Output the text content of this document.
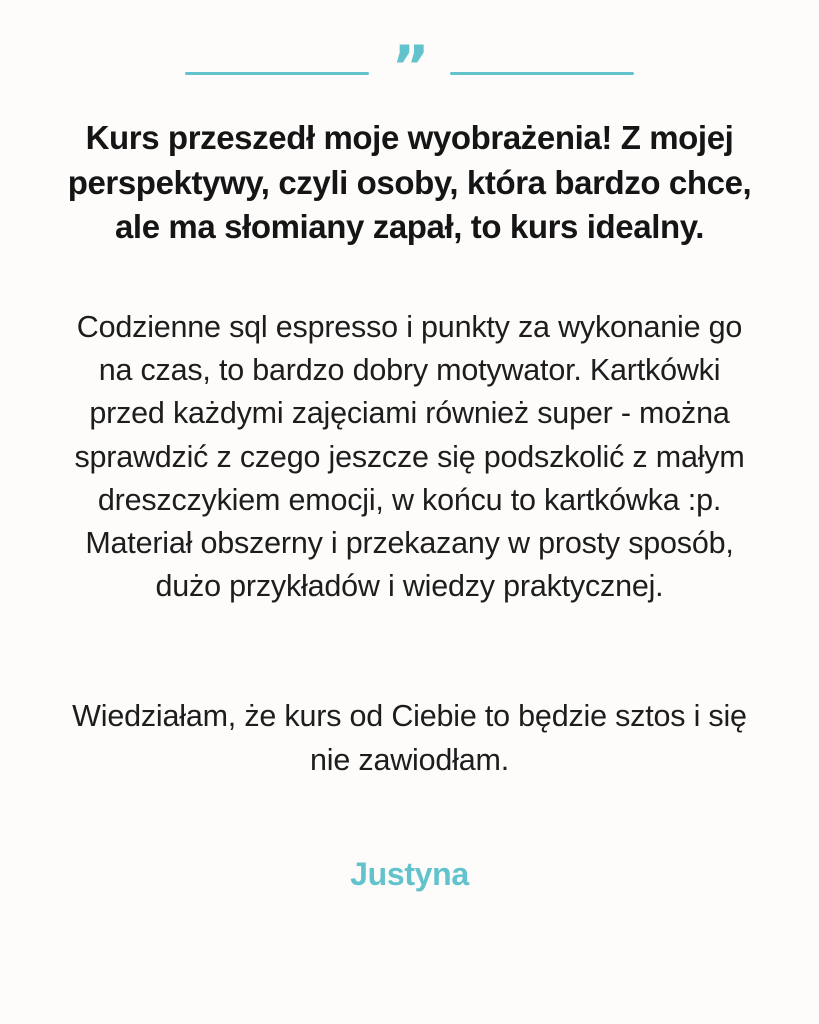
”
Kurs przeszedł moje wyobrażenia! Z mojej perspektywy, czyli osoby, która bardzo chce, ale ma słomiany zapał, to kurs idealny.

Codzienne sql espresso i punkty za wykonanie go na czas, to bardzo dobry motywator. Kartkówki przed każdymi zajęciami również super - można sprawdzić z czego jeszcze się podszkolić z małym dreszczykiem emocji, w końcu to kartkówka :p. Materiał obszerny i przekazany w prosty sposób, dużo przykładów i wiedzy praktycznej.

Wiedziałam, że kurs od Ciebie to będzie sztos i się nie zawiodłam.

Justyna
